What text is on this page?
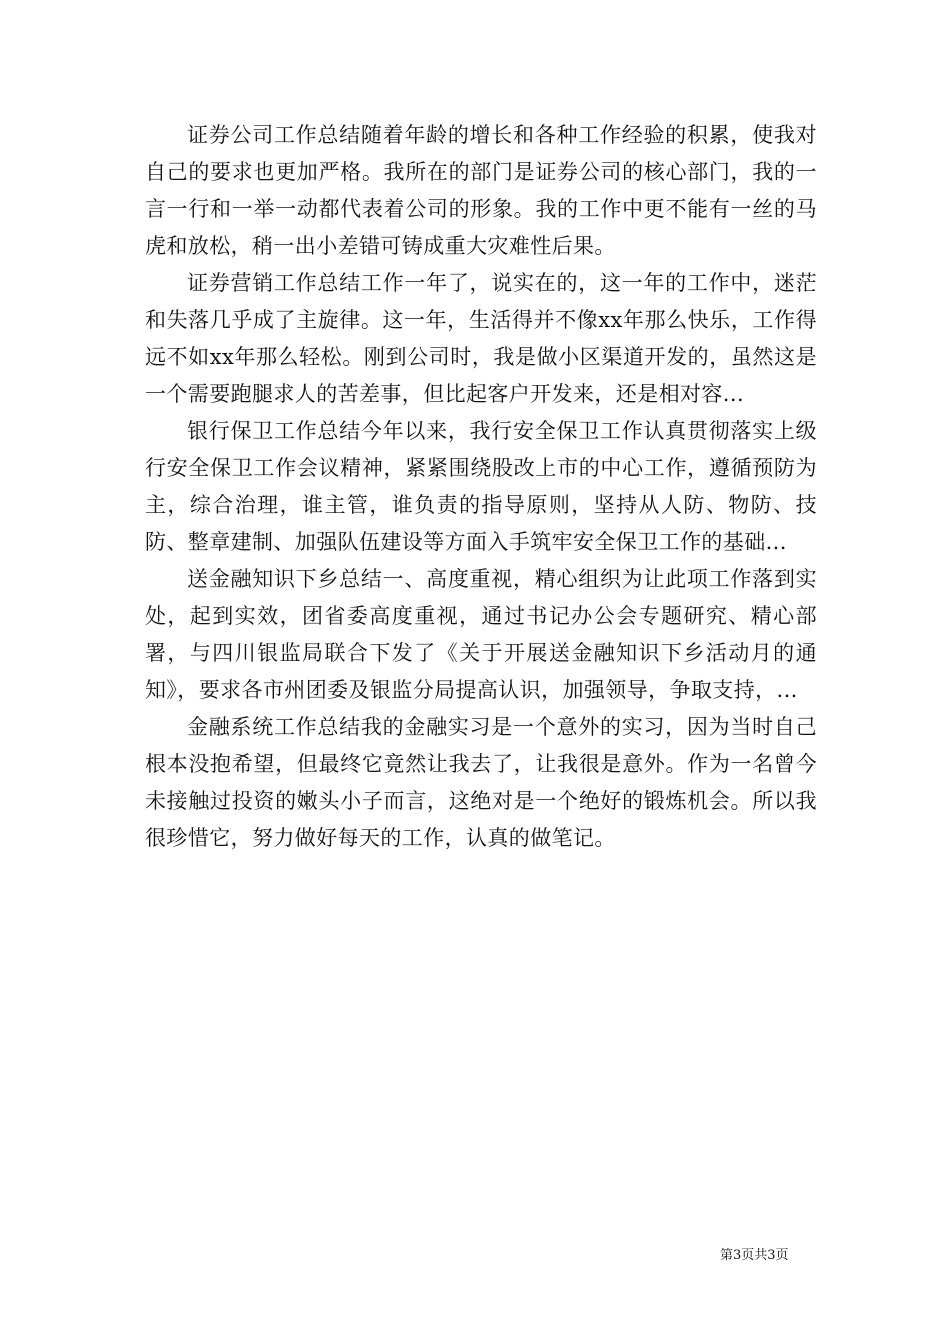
证券公司工作总结随着年龄的增长和各种工作经验的积累，使我对自己的要求也更加严格。我所在的部门是证券公司的核心部门，我的一言一行和一举一动都代表着公司的形象。我的工作中更不能有一丝的马虎和放松，稍一出小差错可铸成重大灾难性后果。

证券营销工作总结工作一年了，说实在的，这一年的工作中，迷茫和失落几乎成了主旋律。这一年，生活得并不像xx年那么快乐，工作得远不如xx年那么轻松。刚到公司时，我是做小区渠道开发的，虽然这是一个需要跑腿求人的苦差事，但比起客户开发来，还是相对容...

银行保卫工作总结今年以来，我行安全保卫工作认真贯彻落实上级行安全保卫工作会议精神，紧紧围绕股改上市的中心工作，遵循预防为主，综合治理，谁主管，谁负责的指导原则，坚持从人防、物防、技防、整章建制、加强队伍建设等方面入手筑牢安全保卫工作的基础...

送金融知识下乡总结一、高度重视，精心组织为让此项工作落到实处，起到实效，团省委高度重视，通过书记办公会专题研究、精心部署，与四川银监局联合下发了《关于开展送金融知识下乡活动月的通知》，要求各市州团委及银监分局提高认识，加强领导，争取支持，...

金融系统工作总结我的金融实习是一个意外的实习，因为当时自己根本没抱希望，但最终它竟然让我去了，让我很是意外。作为一名曾今未接触过投资的嫩头小子而言，这绝对是一个绝好的锻炼机会。所以我很珍惜它，努力做好每天的工作，认真的做笔记。

第3页共3页
